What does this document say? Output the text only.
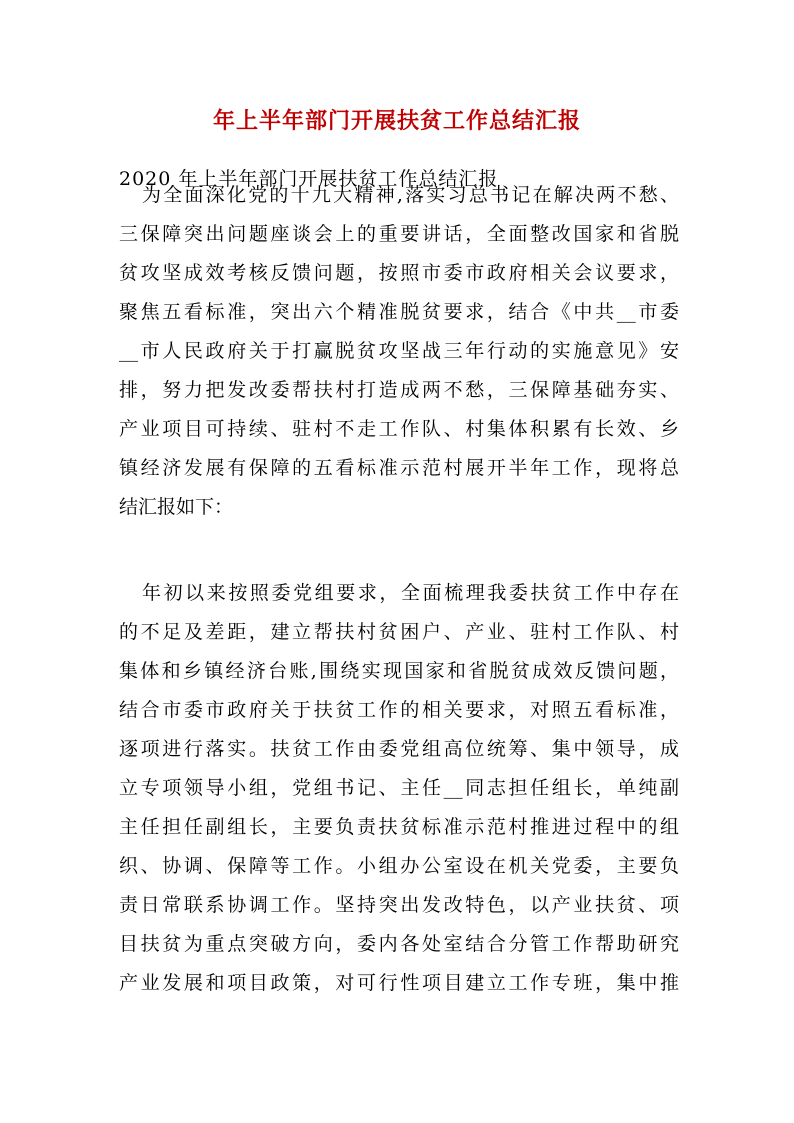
年上半年部门开展扶贫工作总结汇报
2020 年上半年部门开展扶贫工作总结汇报
为全面深化党的十九大精神,落实习总书记在解决两不愁、
三保障突出问题座谈会上的重要讲话，全面整改国家和省脱
贫攻坚成效考核反馈问题，按照市委市政府相关会议要求，
聚焦五看标准，突出六个精准脱贫要求，结合《中共__市委
__市人民政府关于打赢脱贫攻坚战三年行动的实施意见》安
排，努力把发改委帮扶村打造成两不愁，三保障基础夯实、
产业项目可持续、驻村不走工作队、村集体积累有长效、乡
镇经济发展有保障的五看标准示范村展开半年工作，现将总
结汇报如下：
年初以来按照委党组要求，全面梳理我委扶贫工作中存在
的不足及差距，建立帮扶村贫困户、产业、驻村工作队、村
集体和乡镇经济台账,围绕实现国家和省脱贫成效反馈问题，
结合市委市政府关于扶贫工作的相关要求，对照五看标准，
逐项进行落实。扶贫工作由委党组高位统筹、集中领导，成
立专项领导小组，党组书记、主任__同志担任组长，单纯副
主任担任副组长，主要负责扶贫标准示范村推进过程中的组
织、协调、保障等工作。小组办公室设在机关党委，主要负
责日常联系协调工作。坚持突出发改特色，以产业扶贫、项
目扶贫为重点突破方向，委内各处室结合分管工作帮助研究
产业发展和项目政策，对可行性项目建立工作专班，集中推
